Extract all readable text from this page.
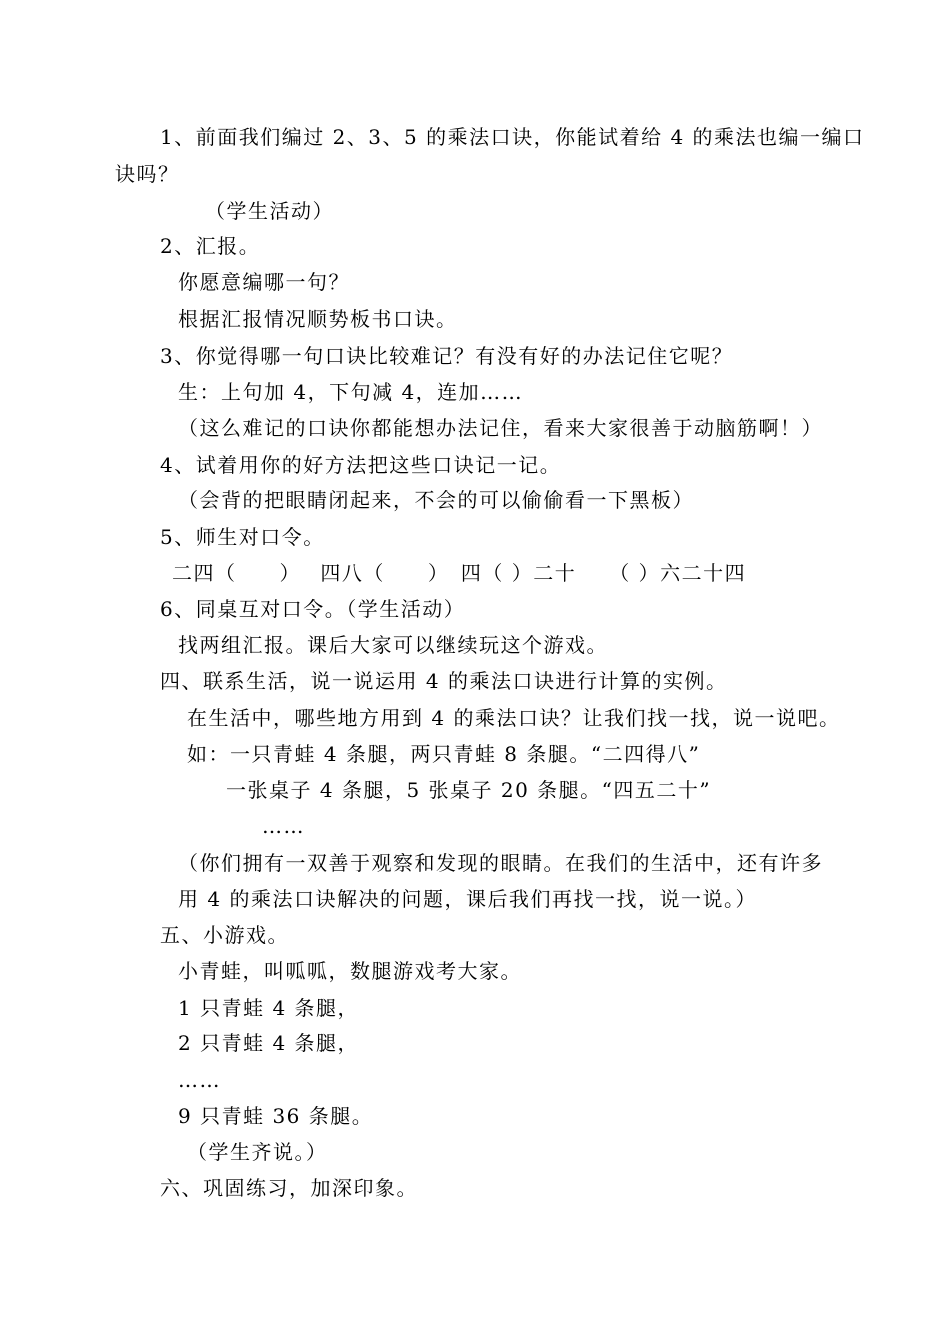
1、前面我们编过 2、3、5 的乘法口诀，你能试着给 4 的乘法也编一编口
诀吗？
（学生活动）
2、汇报。
你愿意编哪一句？
根据汇报情况顺势板书口诀。
3、你觉得哪一句口诀比较难记？有没有好的办法记住它呢？
生：上句加 4，下句减 4，连加……
（这么难记的口诀你都能想办法记住，看来大家很善于动脑筋啊！）
4、试着用你的好方法把这些口诀记一记。
（会背的把眼睛闭起来，不会的可以偷偷看一下黑板）
5、师生对口令。
二四（　　）　 四八（　　）　四（ ）二十　　（ ）六二十四
6、同桌互对口令。（学生活动）
找两组汇报。课后大家可以继续玩这个游戏。
四、联系生活，说一说运用 4 的乘法口诀进行计算的实例。
在生活中，哪些地方用到 4 的乘法口诀？让我们找一找，说一说吧。
如：一只青蛙 4 条腿，两只青蛙 8 条腿。“二四得八”
一张桌子 4 条腿，5 张桌子 20 条腿。“四五二十”
……
（你们拥有一双善于观察和发现的眼睛。在我们的生活中，还有许多
用 4 的乘法口诀解决的问题，课后我们再找一找，说一说。）
五、小游戏。
小青蛙，叫呱呱，数腿游戏考大家。
1 只青蛙 4 条腿，
2 只青蛙 4 条腿，
……
9 只青蛙 36 条腿。
（学生齐说。）
六、巩固练习，加深印象。
